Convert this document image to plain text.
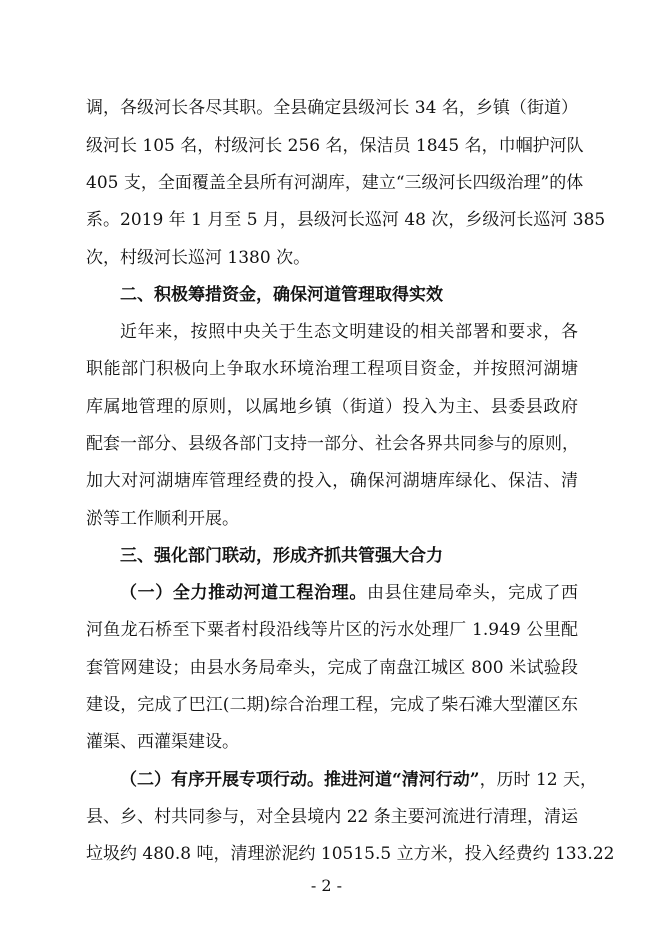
调，各级河长各尽其职。全县确定县级河长 34 名，乡镇（街道）
级河长 105 名，村级河长 256 名，保洁员 1845 名，巾帼护河队
405 支，全面覆盖全县所有河湖库，建立“三级河长四级治理”的体
系。2019 年 1 月至 5 月，县级河长巡河 48 次，乡级河长巡河 385
次，村级河长巡河 1380 次。
二、积极筹措资金，确保河道管理取得实效
近年来，按照中央关于生态文明建设的相关部署和要求，各
职能部门积极向上争取水环境治理工程项目资金，并按照河湖塘
库属地管理的原则，以属地乡镇（街道）投入为主、县委县政府
配套一部分、县级各部门支持一部分、社会各界共同参与的原则，
加大对河湖塘库管理经费的投入，确保河湖塘库绿化、保洁、清
淤等工作顺利开展。
三、强化部门联动，形成齐抓共管强大合力
（一）全力推动河道工程治理。由县住建局牵头，完成了西
河鱼龙石桥至下粟者村段沿线等片区的污水处理厂 1.949 公里配
套管网建设；由县水务局牵头，完成了南盘江城区 800 米试验段
建设，完成了巴江(二期)综合治理工程，完成了柴石滩大型灌区东
灌渠、西灌渠建设。
（二）有序开展专项行动。推进河道“清河行动”，历时 12 天，
县、乡、村共同参与，对全县境内 22 条主要河流进行清理，清运
垃圾约 480.8 吨，清理淤泥约 10515.5 立方米，投入经费约 133.22
- 2 -
